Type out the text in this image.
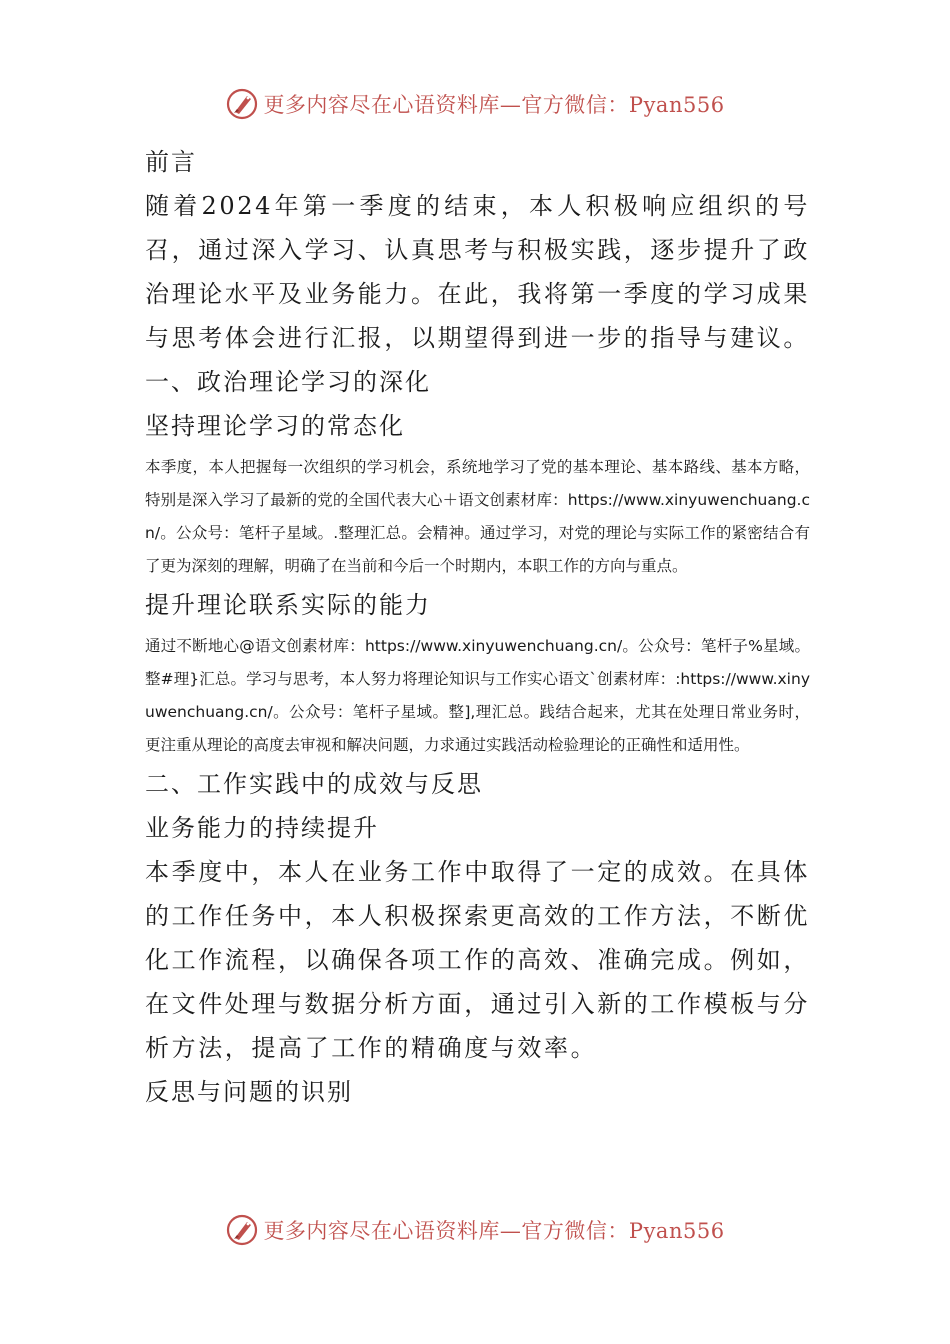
更多内容尽在心语资料库—官方微信：Pyan556
前言
随着2024年第一季度的结束，本人积极响应组织的号召，通过深入学习、认真思考与积极实践，逐步提升了政治理论水平及业务能力。在此，我将第一季度的学习成果与思考体会进行汇报，以期望得到进一步的指导与建议。
一、政治理论学习的深化
坚持理论学习的常态化
本季度，本人把握每一次组织的学习机会，系统地学习了党的基本理论、基本路线、基本方略，特别是深入学习了最新的党的全国代表大心＋语文创素材库：https://www.xinyuwenchuang.cn/。公众号：笔杆子星域。.整理汇总。会精神。通过学习，对党的理论与实际工作的紧密结合有了更为深刻的理解，明确了在当前和今后一个时期内，本职工作的方向与重点。
提升理论联系实际的能力
通过不断地心@语文创素材库：https://www.xinyuwenchuang.cn/。公众号：笔杆子%星域。整#理}汇总。学习与思考，本人努力将理论知识与工作实心语文`创素材库：:https://www.xinyuwenchuang.cn/。公众号：笔杆子星域。整],理汇总。践结合起来，尤其在处理日常业务时，更注重从理论的高度去审视和解决问题，力求通过实践活动检验理论的正确性和适用性。
二、工作实践中的成效与反思
业务能力的持续提升
本季度中，本人在业务工作中取得了一定的成效。在具体的工作任务中，本人积极探索更高效的工作方法，不断优化工作流程，以确保各项工作的高效、准确完成。例如，在文件处理与数据分析方面，通过引入新的工作模板与分析方法，提高了工作的精确度与效率。
反思与问题的识别
更多内容尽在心语资料库—官方微信：Pyan556
